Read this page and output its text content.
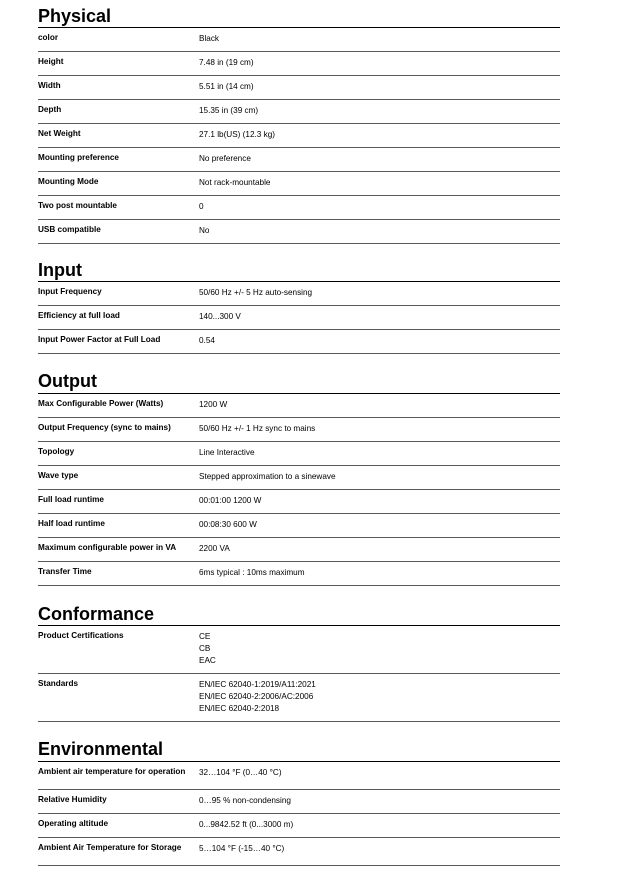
Physical
color	Black
Height	7.48 in (19 cm)
Width	5.51 in (14 cm)
Depth	15.35 in (39 cm)
Net Weight	27.1 lb(US) (12.3 kg)
Mounting preference	No preference
Mounting Mode	Not rack-mountable
Two post mountable	0
USB compatible	No
Input
Input Frequency	50/60 Hz +/- 5 Hz auto-sensing
Efficiency at full load	140...300 V
Input Power Factor at Full Load	0.54
Output
Max Configurable Power (Watts)	1200 W
Output Frequency (sync to mains)	50/60 Hz +/- 1 Hz sync to mains
Topology	Line Interactive
Wave type	Stepped approximation to a sinewave
Full load runtime	00:01:00 1200 W
Half load runtime	00:08:30 600 W
Maximum configurable power in VA	2200 VA
Transfer Time	6ms typical : 10ms maximum
Conformance
Product Certifications	CE
CB
EAC
Standards	EN/IEC 62040-1:2019/A11:2021
EN/IEC 62040-2:2006/AC:2006
EN/IEC 62040-2:2018
Environmental
Ambient air temperature for operation	32…104 °F (0…40 °C)
Relative Humidity	0…95 % non-condensing
Operating altitude	0...9842.52 ft (0...3000 m)
Ambient Air Temperature for Storage	5…104 °F (-15…40 °C)
